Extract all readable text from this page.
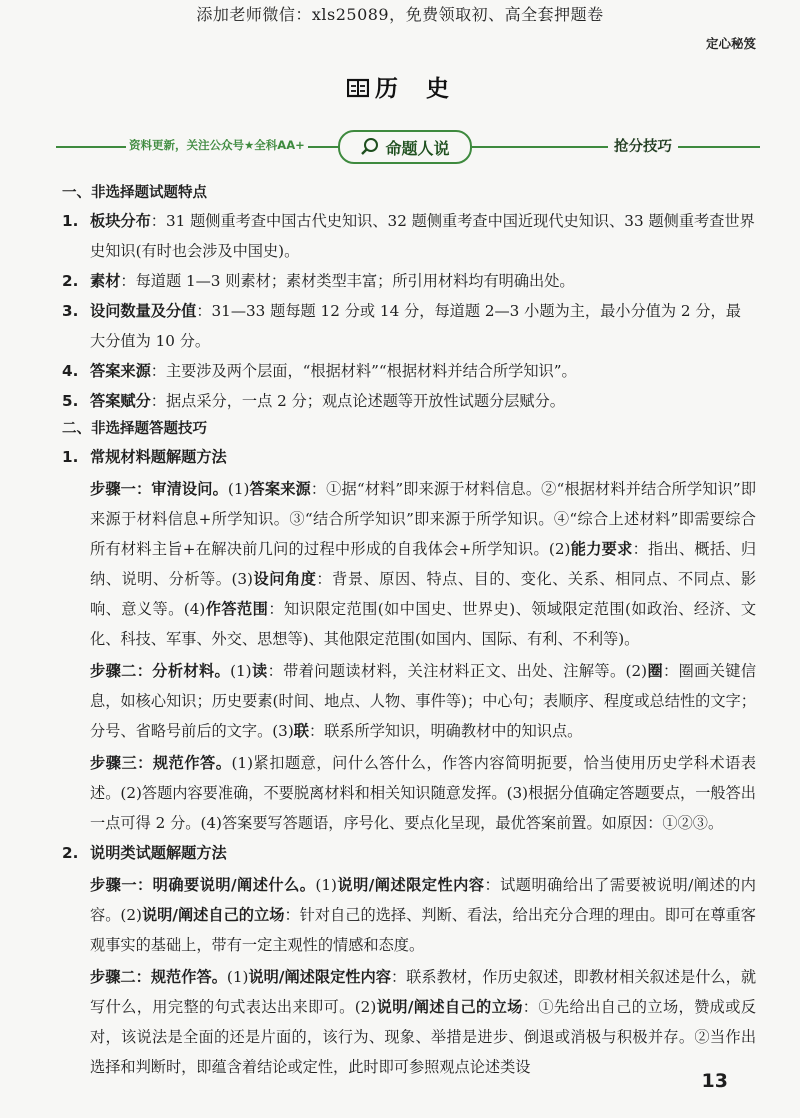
添加老师微信：xls25089，免费领取初、高全套押题卷
定心秘笈
历 史
资料更新，关注公众号★全科AA+	命题人说	抢分技巧
一、非选择题试题特点
1. 板块分布：31 题侧重考查中国古代史知识、32 题侧重考查中国近现代史知识、33 题侧重考查世界史知识(有时也会涉及中国史)。
2. 素材：每道题 1—3 则素材；素材类型丰富；所引用材料均有明确出处。
3. 设问数量及分值：31—33 题每题 12 分或 14 分，每道题 2—3 小题为主，最小分值为 2 分，最大分值为 10 分。
4. 答案来源：主要涉及两个层面，“根据材料”“根据材料并结合所学知识”。
5. 答案赋分：据点采分，一点 2 分；观点论述题等开放性试题分层赋分。
二、非选择题答题技巧
1. 常规材料题解题方法
步骤一：审清设问。(1)答案来源：①据“材料”即来源于材料信息。②“根据材料并结合所学知识”即来源于材料信息+所学知识。③“结合所学知识”即来源于所学知识。④“综合上述材料”即需要综合所有材料主旨+在解决前几问的过程中形成的自我体会+所学知识。(2)能力要求：指出、概括、归纳、说明、分析等。(3)设问角度：背景、原因、特点、目的、变化、关系、相同点、不同点、影响、意义等。(4)作答范围：知识限定范围(如中国史、世界史)、领域限定范围(如政治、经济、文化、科技、军事、外交、思想等)、其他限定范围(如国内、国际、有利、不利等)。
步骤二：分析材料。(1)读：带着问题读材料，关注材料正文、出处、注解等。(2)圈：圈画关键信息，如核心知识；历史要素(时间、地点、人物、事件等)；中心句；表顺序、程度或总结性的文字；分号、省略号前后的文字。(3)联：联系所学知识，明确教材中的知识点。
步骤三：规范作答。(1)紧扣题意，问什么答什么，作答内容简明扼要，恰当使用历史学科术语表述。(2)答题内容要准确，不要脱离材料和相关知识随意发挥。(3)根据分值确定答题要点，一般答出一点可得 2 分。(4)答案要写答题语，序号化、要点化呈现，最优答案前置。如原因：①②③。
2. 说明类试题解题方法
步骤一：明确要说明/阐述什么。(1)说明/阐述限定性内容：试题明确给出了需要被说明/阐述的内容。(2)说明/阐述自己的立场：针对自己的选择、判断、看法，给出充分合理的理由。即可在尊重客观事实的基础上，带有一定主观性的情感和态度。
步骤二：规范作答。(1)说明/阐述限定性内容：联系教材，作历史叙述，即教材相关叙述是什么，就写什么，用完整的句式表达出来即可。(2)说明/阐述自己的立场：①先给出自己的立场，赞成或反对，该说法是全面的还是片面的，该行为、现象、举措是进步、倒退或消极与积极并存。②当作出选择和判断时，即蕴含着结论或定性，此时即可参照观点论述类设
13
